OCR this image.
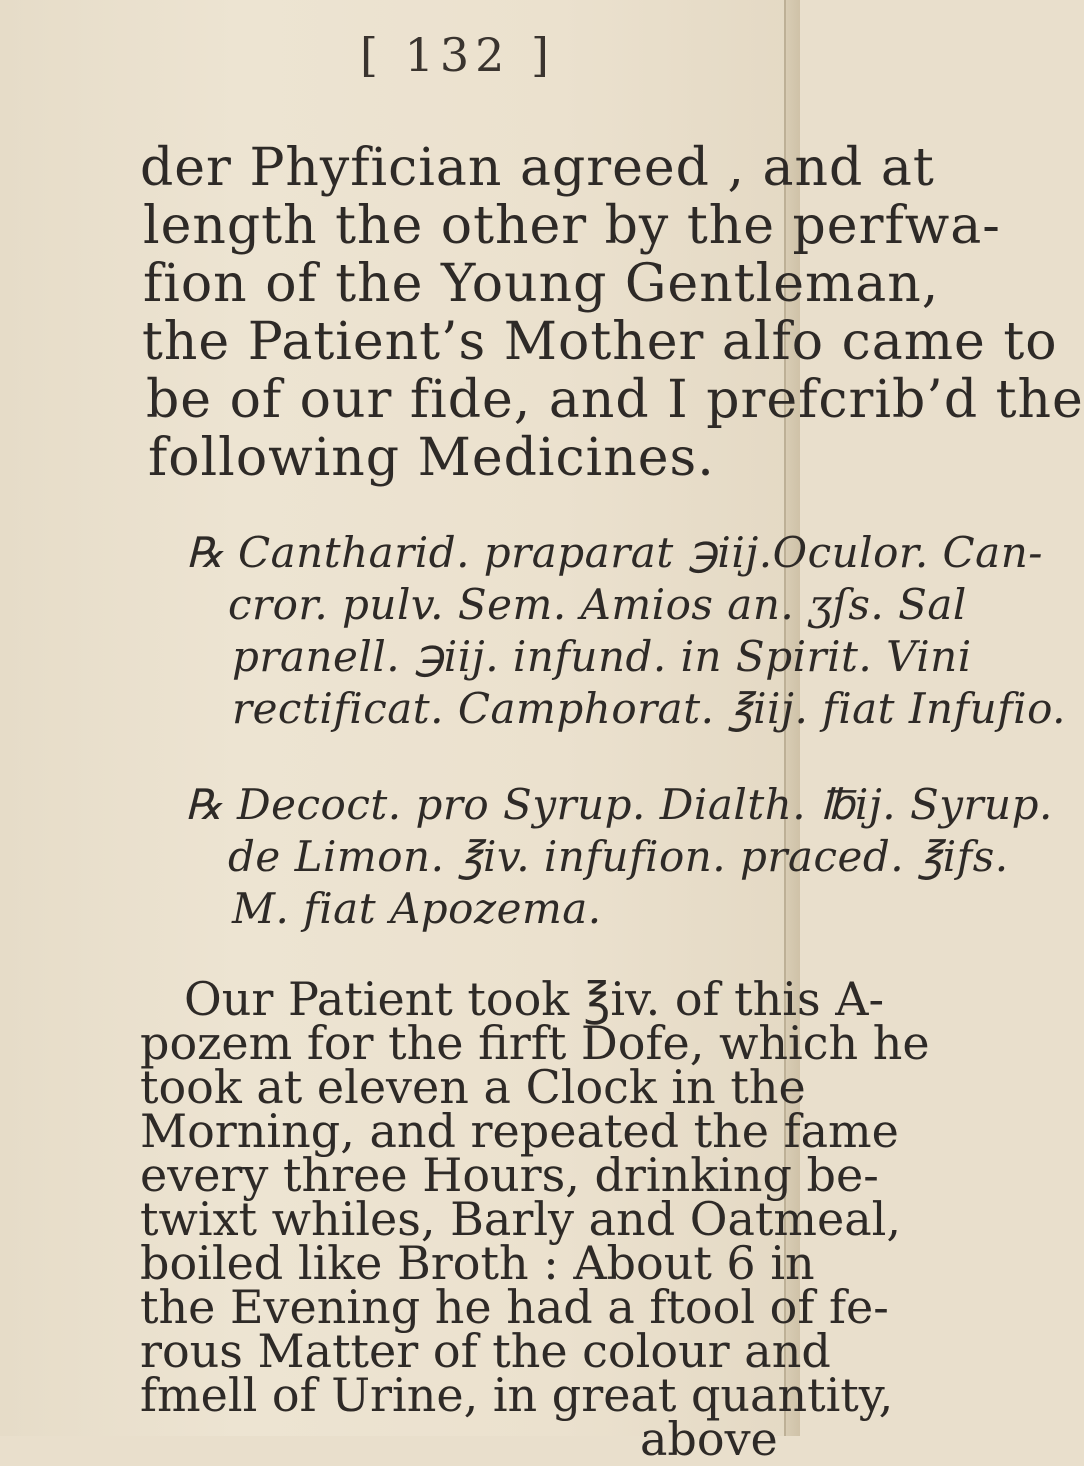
[ 132 ]
der Phyfician agreed , and at
length the other by the perfwa-
fion of the Young Gentleman,
the Patient’s Mother alfo came to
be of our fide, and I prefcrib’d the
following Medicines.
℞ Cantharid. praparat ℈iij.Oculor. Can-
cror. pulv. Sem. Amios an. ʒſs. Sal
pranell. ℈iij. infund. in Spirit. Vini
rectificat. Camphorat. ℥iij. fiat Infufio.
℞ Decoct. pro Syrup. Dialth. ℔ij. Syrup.
de Limon. ℥iv. infufion. praced. ℥ifs.
M. fiat Apozema.
Our Patient took ℥iv. of this A-
pozem for the firft Dofe, which he
took at eleven a Clock in the
Morning, and repeated the fame
every three Hours, drinking be-
twixt whiles, Barly and Oatmeal,
boiled like Broth : About 6 in
the Evening he had a ftool of fe-
rous Matter of the colour and
fmell of Urine, in great quantity,
above
